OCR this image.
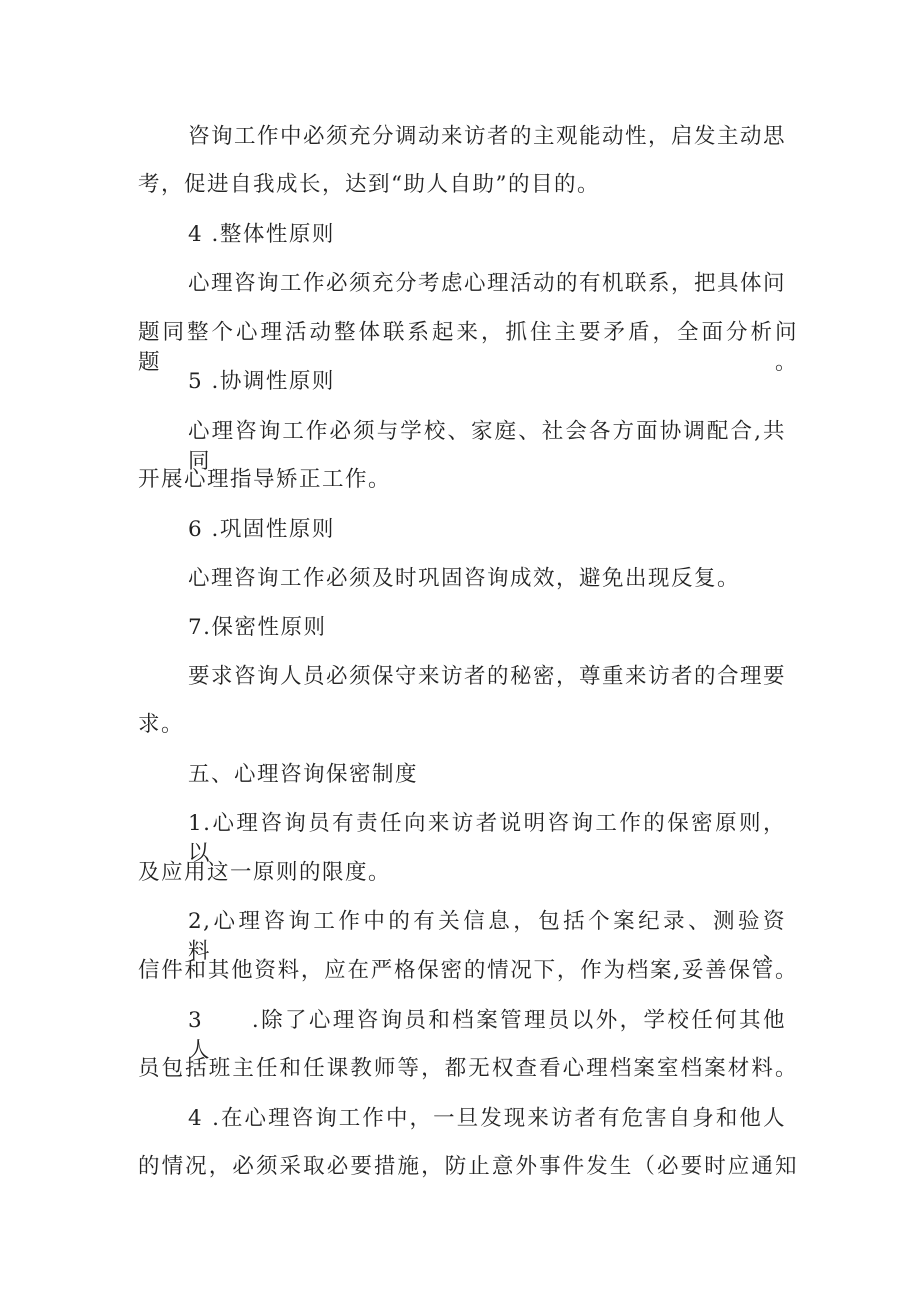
咨询工作中必须充分调动来访者的主观能动性，启发主动思

考，促进自我成长，达到“助人自助”的目的。

4 .整体性原则

心理咨询工作必须充分考虑心理活动的有机联系，把具体问

题同整个心理活动整体联系起来，抓住主要矛盾，全面分析问题。

5 .协调性原则

心理咨询工作必须与学校、家庭、社会各方面协调配合,共同

开展心理指导矫正工作。

6 .巩固性原则

心理咨询工作必须及时巩固咨询成效，避免出现反复。

7.保密性原则

要求咨询人员必须保守来访者的秘密，尊重来访者的合理要

求。

五、心理咨询保密制度

1.心理咨询员有责任向来访者说明咨询工作的保密原则，以

及应用这一原则的限度。

2,心理咨询工作中的有关信息，包括个案纪录、测验资料、

信件和其他资料，应在严格保密的情况下，作为档案,妥善保管。

3　　.除了心理咨询员和档案管理员以外，学校任何其他人

员包括班主任和任课教师等，都无权查看心理档案室档案材料。

4 .在心理咨询工作中，一旦发现来访者有危害自身和他人

的情况，必须采取必要措施，防止意外事件发生（必要时应通知
